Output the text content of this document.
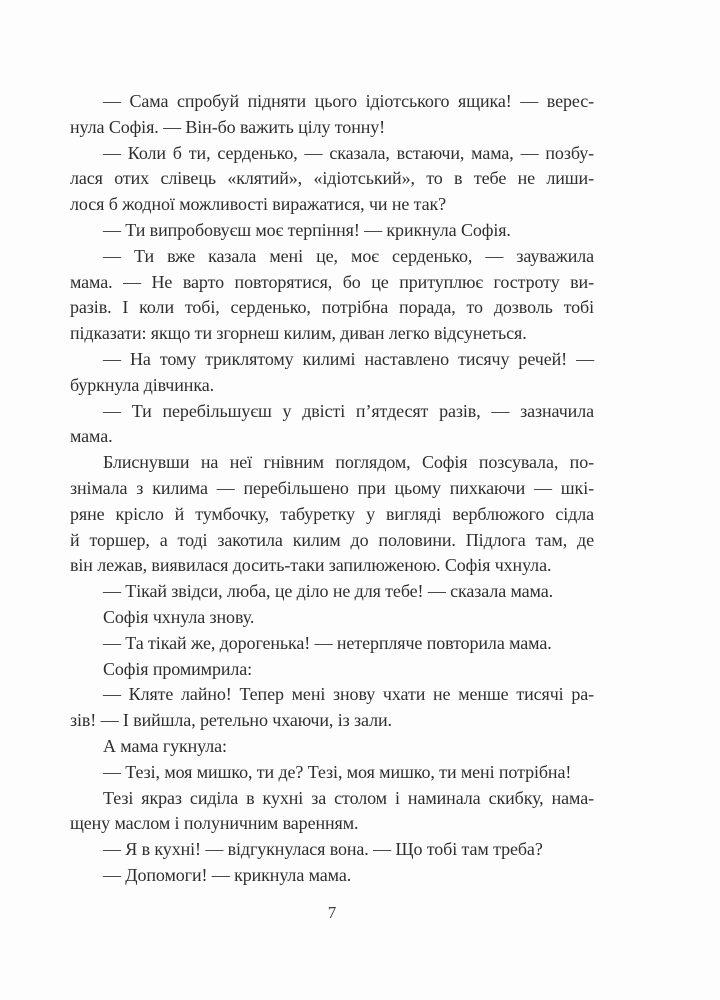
— Сама спробуй підняти цього ідіотського ящика! — верес-
нула Софія. — Він-бо важить цілу тонну!
— Коли б ти, серденько, — сказала, встаючи, мама, — позбу-
лася отих слівець «клятий», «ідіотський», то в тебе не лиши-
лося б жодної можливості виражатися, чи не так?
— Ти випробовуєш моє терпіння! — крикнула Софія.
— Ти вже казала мені це, моє серденько, — зауважила
мама. — Не варто повторятися, бо це притуплює гостроту ви-
разів. І коли тобі, серденько, потрібна порада, то дозволь тобі
підказати: якщо ти згорнеш килим, диван легко відсунеться.
— На тому триклятому килимі наставлено тисячу речей! —
буркнула дівчинка.
— Ти перебільшуєш у двісті п’ятдесят разів, — зазначила
мама.
Блиснувши на неї гнівним поглядом, Софія позсувала, по-
знімала з килима — перебільшено при цьому пихкаючи — шкі-
ряне крісло й тумбочку, табуретку у вигляді верблюжого сідла
й торшер, а тоді закотила килим до половини. Підлога там, де
він лежав, виявилася досить-таки запилюженою. Софія чхнула.
— Тікай звідси, люба, це діло не для тебе! — сказала мама.
Софія чхнула знову.
— Та тікай же, дорогенька! — нетерпляче повторила мама.
Софія промимрила:
— Кляте лайно! Тепер мені знову чхати не менше тисячі ра-
зів! — І вийшла, ретельно чхаючи, із зали.
А мама гукнула:
— Тезі, моя мишко, ти де? Тезі, моя мишко, ти мені потрібна!
Тезі якраз сиділа в кухні за столом і наминала скибку, нама-
щену маслом і полуничним варенням.
— Я в кухні! — відгукнулася вона. — Що тобі там треба?
— Допомоги! — крикнула мама.
7
